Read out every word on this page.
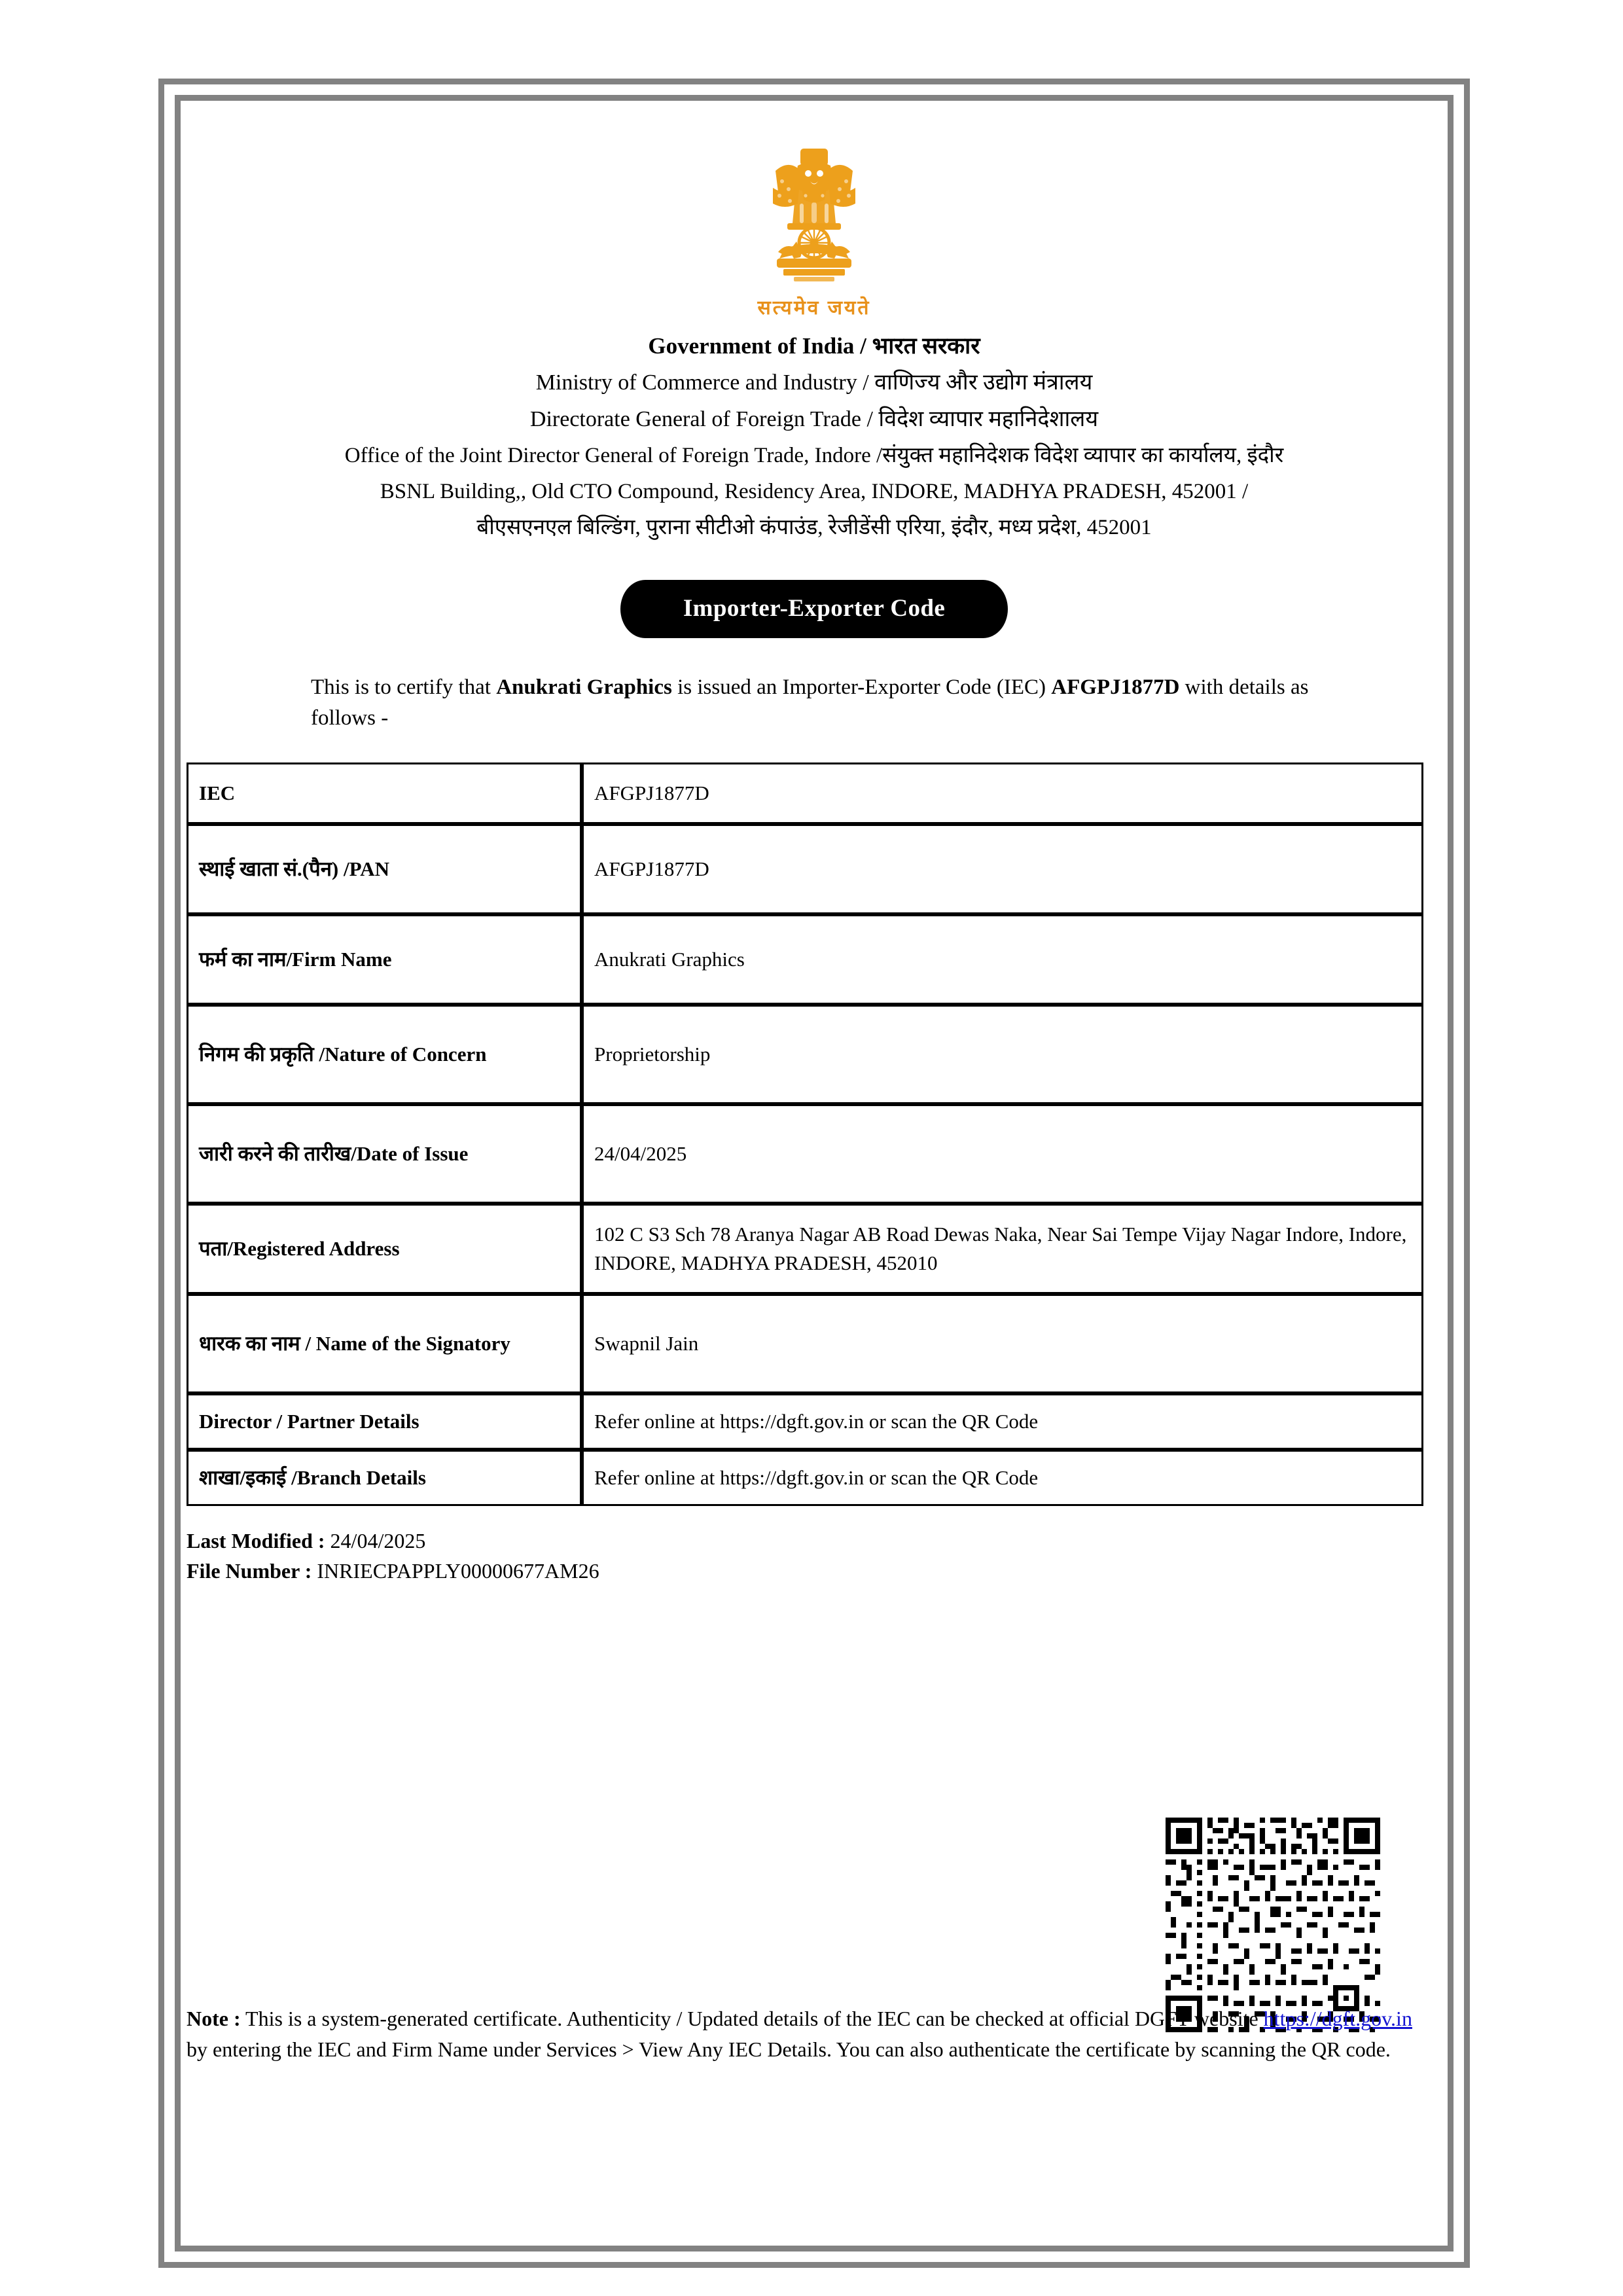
सत्यमेव जयते

Government of India / भारत सरकार

Ministry of Commerce and Industry / वाणिज्य और उद्योग मंत्रालय

Directorate General of Foreign Trade / विदेश व्यापार महानिदेशालय

Office of the Joint Director General of Foreign Trade, Indore /संयुक्त महानिदेशक विदेश व्यापार का कार्यालय, इंदौर

BSNL Building,, Old CTO Compound, Residency Area, INDORE, MADHYA PRADESH, 452001 /

बीएसएनएल बिल्डिंग, पुराना सीटीओ कंपाउंड, रेजीडेंसी एरिया, इंदौर, मध्य प्रदेश, 452001

Importer-Exporter Code

This is to certify that Anukrati Graphics is issued an Importer-Exporter Code (IEC) AFGPJ1877D with details as follows -

IEC	AFGPJ1877D
स्थाई खाता सं.(पैन) /PAN	AFGPJ1877D
फर्म का नाम/Firm Name	Anukrati Graphics
निगम की प्रकृति /Nature of Concern	Proprietorship
जारी करने की तारीख/Date of Issue	24/04/2025
पता/Registered Address	102 C S3 Sch 78 Aranya Nagar AB Road Dewas Naka, Near Sai Tempe Vijay Nagar Indore, Indore, INDORE, MADHYA PRADESH, 452010
धारक का नाम / Name of the Signatory	Swapnil Jain
Director / Partner Details	Refer online at https://dgft.gov.in or scan the QR Code
शाखा/इकाई /Branch Details	Refer online at https://dgft.gov.in or scan the QR Code
Last Modified : 24/04/2025
File Number : INRIECPAPPLY00000677AM26

Note : This is a system-generated certificate. Authenticity / Updated details of the IEC can be checked at official DGFT website https://dgft.gov.in by entering the IEC and Firm Name under Services > View Any IEC Details. You can also authenticate the certificate by scanning the QR code.
